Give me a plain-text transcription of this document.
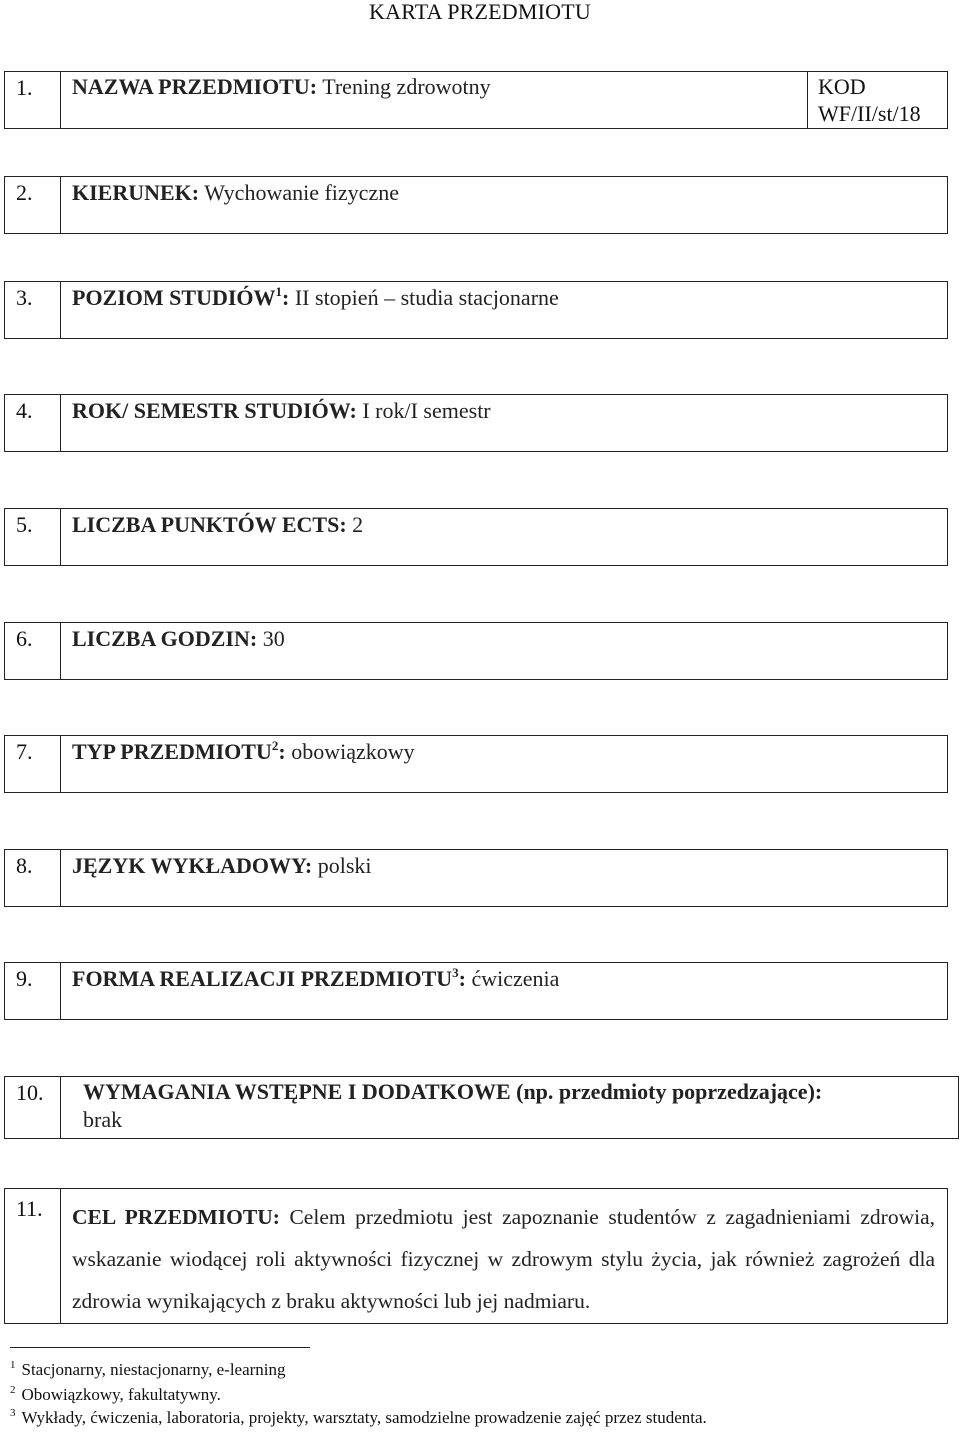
KARTA PRZEDMIOTU
1. NAZWA PRZEDMIOTU: Trening zdrowotny	KOD
WF/II/st/18
2. KIERUNEK: Wychowanie fizyczne
3. POZIOM STUDIÓW$^1$: II stopień – studia stacjonarne
4. ROK/ SEMESTR STUDIÓW: I rok/I semestr
5. LICZBA PUNKTÓW ECTS: 2
6. LICZBA GODZIN: 30
7. TYP PRZEDMIOTU$^2$: obowiązkowy
8. JĘZYK WYKŁADOWY: polski
9. FORMA REALIZACJI PRZEDMIOTU$^3$: ćwiczenia
10. WYMAGANIA WSTĘPNE I DODATKOWE (np. przedmioty poprzedzające):
brak
11. CEL PRZEDMIOTU: Celem przedmiotu jest zapoznanie studentów z zagadnieniami zdrowia, wskazanie wiodącej roli aktywności fizycznej w zdrowym stylu życia, jak również zagrożeń dla zdrowia wynikających z braku aktywności lub jej nadmiaru.
$^1$ Stacjonarny, niestacjonarny, e-learning
$^2$ Obowiązkowy, fakultatywny.
$^3$ Wykłady, ćwiczenia, laboratoria, projekty, warsztaty, samodzielne prowadzenie zajęć przez studenta.
